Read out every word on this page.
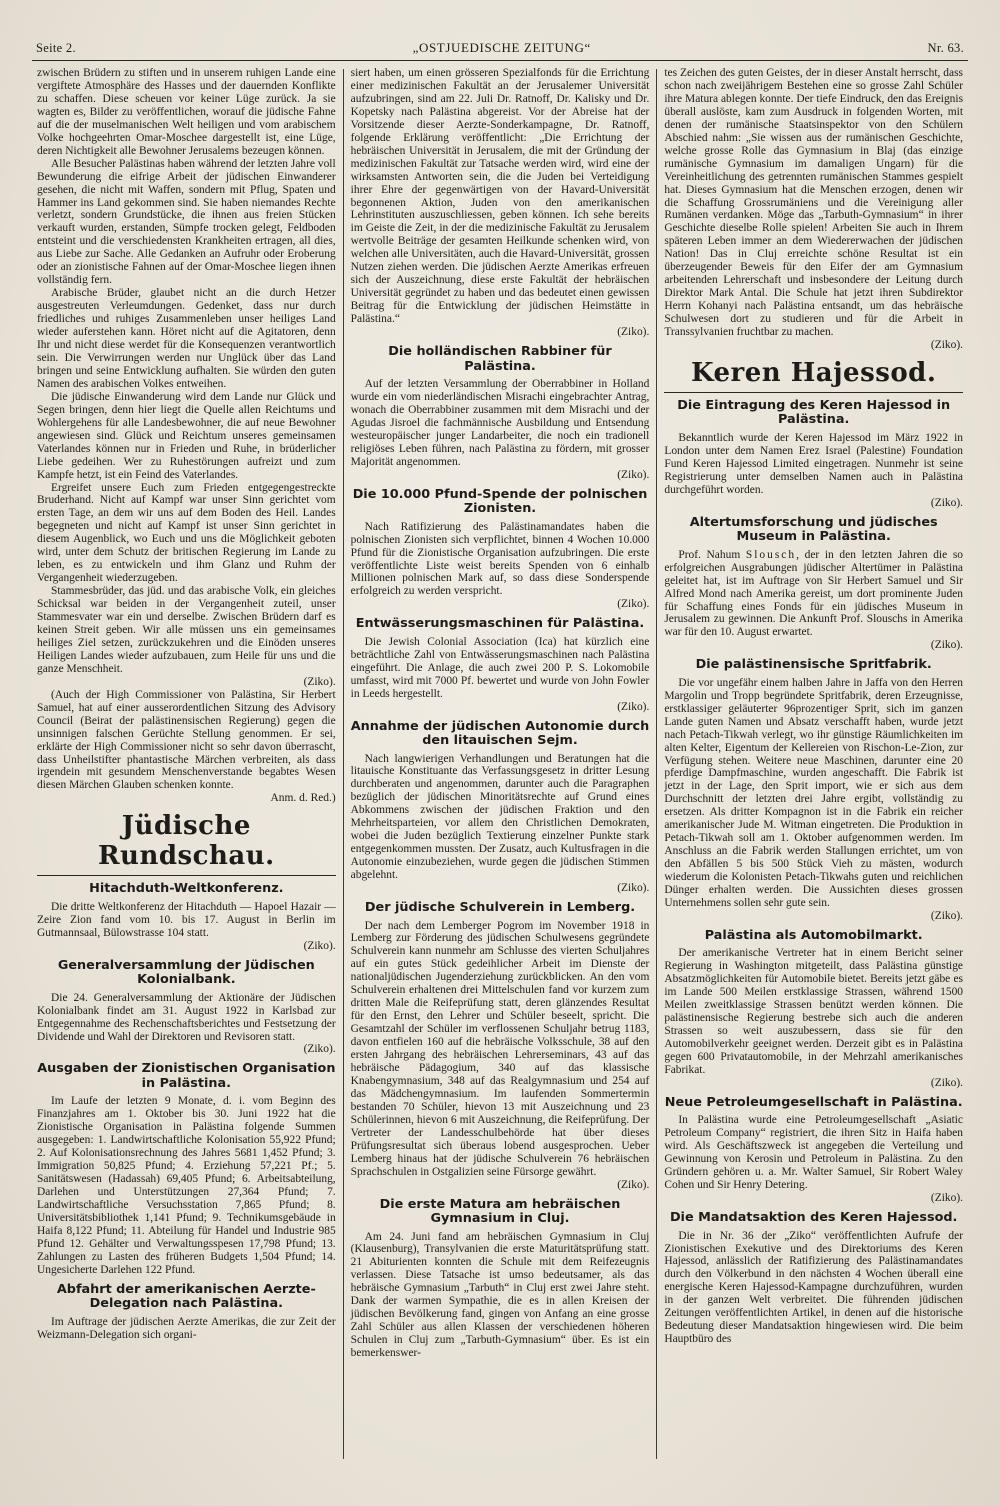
Seite 2.	„OSTJUEDISCHE ZEITUNG“	Nr. 63.

zwischen Brüdern zu stiften und in unserem ruhigen Lande eine vergiftete Atmosphäre des Hasses und der dauernden Konflikte zu schaffen. Diese scheuen vor keiner Lüge zurück. Ja sie wagten es, Bilder zu veröffentlichen, worauf die jüdische Fahne auf die der muselmanischen Welt heiligen und vom arabischem Volke hochgeehrten Omar-Moschee dargestellt ist, eine Lüge, deren Nichtigkeit alle Bewohner Jerusalems bezeugen können.

Alle Besucher Palästinas haben während der letzten Jahre voll Bewunderung die eifrige Arbeit der jüdischen Einwanderer gesehen, die nicht mit Waffen, sondern mit Pflug, Spaten und Hammer ins Land gekommen sind. Sie haben niemandes Rechte verletzt, sondern Grundstücke, die ihnen aus freien Stücken verkauft wurden, erstanden, Sümpfe trocken gelegt, Feldboden entsteint und die verschiedensten Krankheiten ertragen, all dies, aus Liebe zur Sache. Alle Gedanken an Aufruhr oder Eroberung oder an zionistische Fahnen auf der Omar-Moschee liegen ihnen vollständig fern.

Arabische Brüder, glaubet nicht an die durch Hetzer ausgestreuten Verleumdungen. Gedenket, dass nur durch friedliches und ruhiges Zusammenleben unser heiliges Land wieder auferstehen kann. Höret nicht auf die Agitatoren, denn Ihr und nicht diese werdet für die Konsequenzen verantwortlich sein. Die Verwirrungen werden nur Unglück über das Land bringen und seine Entwicklung aufhalten. Sie würden den guten Namen des arabischen Volkes entweihen.

Die jüdische Einwanderung wird dem Lande nur Glück und Segen bringen, denn hier liegt die Quelle allen Reichtums und Wohlergehens für alle Landesbewohner, die auf neue Bewohner angewiesen sind. Glück und Reichtum unseres gemeinsamen Vaterlandes können nur in Frieden und Ruhe, in brüderlicher Liebe gedeihen. Wer zu Ruhestörungen aufreizt und zum Kampfe hetzt, ist ein Feind des Vaterlandes.

Ergreifet unsere Euch zum Frieden entgegengestreckte Bruderhand. Nicht auf Kampf war unser Sinn gerichtet vom ersten Tage, an dem wir uns auf dem Boden des Heil. Landes begegneten und nicht auf Kampf ist unser Sinn gerichtet in diesem Augenblick, wo Euch und uns die Möglichkeit geboten wird, unter dem Schutz der britischen Regierung im Lande zu leben, es zu entwickeln und ihm Glanz und Ruhm der Vergangenheit wiederzugeben.

Stammesbrüder, das jüd. und das arabische Volk, ein gleiches Schicksal war beiden in der Vergangenheit zuteil, unser Stammesvater war ein und derselbe. Zwischen Brüdern darf es keinen Streit geben. Wir alle müssen uns ein gemeinsames heiliges Ziel setzen, zurückzukehren und die Einöden unseres Heiligen Landes wieder aufzubauen, zum Heile für uns und die ganze Menschheit.

(Ziko).

(Auch der High Commissioner von Palästina, Sir Herbert Samuel, hat auf einer ausserordentlichen Sitzung des Advisory Council (Beirat der palästinensischen Regierung) gegen die unsinnigen falschen Gerüchte Stellung genommen. Er sei, erklärte der High Commissioner nicht so sehr davon überrascht, dass Unheilstifter phantastische Märchen verbreiten, als dass irgendein mit gesundem Menschenverstande begabtes Wesen diesen Märchen Glauben schenken konnte.

Anm. d. Red.)
Jüdische Rundschau.
Hitachduth-Weltkonferenz.

Die dritte Weltkonferenz der Hitachduth — Hapoel Hazair — Zeire Zion fand vom 10. bis 17. August in Berlin im Gutmannsaal, Bülowstrasse 104 statt.

(Ziko).
Generalversammlung der Jüdischen Kolonialbank.

Die 24. Generalversammlung der Aktionäre der Jüdischen Kolonialbank findet am 31. August 1922 in Karlsbad zur Entgegennahme des Rechenschaftsberichtes und Festsetzung der Dividende und Wahl der Direktoren und Revisoren statt.

(Ziko).
Ausgaben der Zionistischen Organisation in Palästina.

Im Laufe der letzten 9 Monate, d. i. vom Beginn des Finanzjahres am 1. Oktober bis 30. Juni 1922 hat die Zionistische Organisation in Palästina folgende Summen ausgegeben: 1. Landwirtschaftliche Kolonisation 55,922 Pfund; 2. Auf Kolonisationsrechnung des Jahres 5681 1,452 Pfund; 3. Immigration 50,825 Pfund; 4. Erziehung 57,221 Pf.; 5. Sanitätswesen (Hadassah) 69,405 Pfund; 6. Arbeitsabteilung, Darlehen und Unterstützungen 27,364 Pfund; 7. Landwirtschaftliche Versuchsstation 7,865 Pfund; 8. Universitätsbibliothek 1,141 Pfund; 9. Technikumsgebäude in Haifa 8,122 Pfund; 11. Abteilung für Handel und Industrie 985 Pfund 12. Gehälter und Verwaltungsspesen 17,798 Pfund; 13. Zahlungen zu Lasten des früheren Budgets 1,504 Pfund; 14. Ungesicherte Darlehen 122 Pfund.

Abfahrt der amerikanischen Aerzte-Delegation nach Palästina.

Im Auftrage der jüdischen Aerzte Amerikas, die zur Zeit der Weizmann-Delegation sich organi-

siert haben, um einen grösseren Spezialfonds für die Errichtung einer medizinischen Fakultät an der Jerusalemer Universität aufzubringen, sind am 22. Juli Dr. Ratnoff, Dr. Kalisky und Dr. Kopetsky nach Palästina abgereist. Vor der Abreise hat der Vorsitzende dieser Aerzte-Sonderkampagne, Dr. Ratnoff, folgende Erklärung veröffentlicht: „Die Errichtung der hebräischen Universität in Jerusalem, die mit der Gründung der medizinischen Fakultät zur Tatsache werden wird, wird eine der wirksamsten Antworten sein, die die Juden bei Verteidigung ihrer Ehre der gegenwärtigen von der Havard-Universität begonnenen Aktion, Juden von den amerikanischen Lehrinstituten auszuschliessen, geben können. Ich sehe bereits im Geiste die Zeit, in der die medizinische Fakultät zu Jerusalem wertvolle Beiträge der gesamten Heilkunde schenken wird, von welchen alle Universitäten, auch die Havard-Universität, grossen Nutzen ziehen werden. Die jüdischen Aerzte Amerikas erfreuen sich der Auszeichnung, diese erste Fakultät der hebräischen Universität gegründet zu haben und das bedeutet einen gewissen Beitrag für die Entwicklung der jüdischen Heimstätte in Palästina.“

(Ziko).
Die holländischen Rabbiner für Palästina.

Auf der letzten Versammlung der Oberrabbiner in Holland wurde ein vom niederländischen Misrachi eingebrachter Antrag, wonach die Oberrabbiner zusammen mit dem Misrachi und der Agudas Jisroel die fachmännische Ausbildung und Entsendung westeuropäischer junger Landarbeiter, die noch ein tradionell religiöses Leben führen, nach Palästina zu fördern, mit grosser Majorität angenommen.

(Ziko).
Die 10.000 Pfund-Spende der polnischen Zionisten.

Nach Ratifizierung des Palästinamandates haben die polnischen Zionisten sich verpflichtet, binnen 4 Wochen 10.000 Pfund für die Zionistische Organisation aufzubringen. Die erste veröffentlichte Liste weist bereits Spenden von 6 einhalb Millionen polnischen Mark auf, so dass diese Sonderspende erfolgreich zu werden verspricht.

(Ziko).
Entwässerungsmaschinen für Palästina.

Die Jewish Colonial Association (Ica) hat kürzlich eine beträchtliche Zahl von Entwässerungsmaschinen nach Palästina eingeführt. Die Anlage, die auch zwei 200 P. S. Lokomobile umfasst, wird mit 7000 Pf. bewertet und wurde von John Fowler in Leeds hergestellt.

(Ziko).
Annahme der jüdischen Autonomie durch den litauischen Sejm.

Nach langwierigen Verhandlungen und Beratungen hat die litauische Konstituante das Verfassungsgesetz in dritter Lesung durchberaten und angenommen, darunter auch die Paragraphen bezüglich der jüdischen Minoritätsrechte auf Grund eines Abkommens zwischen der jüdischen Fraktion und den Mehrheitsparteien, vor allem den Christlichen Demokraten, wobei die Juden bezüglich Textierung einzelner Punkte stark entgegenkommen mussten. Der Zusatz, auch Kultusfragen in die Autonomie einzubeziehen, wurde gegen die jüdischen Stimmen abgelehnt.

(Ziko).
Der jüdische Schulverein in Lemberg.

Der nach dem Lemberger Pogrom im November 1918 in Lemberg zur Förderung des jüdischen Schulwesens gegründete Schulverein kann nunmehr am Schlusse des vierten Schuljahres auf ein gutes Stück gedeihlicher Arbeit im Dienste der nationaljüdischen Jugenderziehung zurückblicken. An den vom Schulverein erhaltenen drei Mittelschulen fand vor kurzem zum dritten Male die Reifeprüfung statt, deren glänzendes Resultat für den Ernst, den Lehrer und Schüler beseelt, spricht. Die Gesamtzahl der Schüler im verflossenen Schuljahr betrug 1183, davon entfielen 160 auf die hebräische Volksschule, 38 auf den ersten Jahrgang des hebräischen Lehrerseminars, 43 auf das hebräische Pädagogium, 340 auf das klassische Knabengymnasium, 348 auf das Realgymnasium und 254 auf das Mädchengymnasium. Im laufenden Sommertermin bestanden 70 Schüler, hievon 13 mit Auszeichnung und 23 Schülerinnen, hievon 6 mit Auszeichnung, die Reifeprüfung. Der Vertreter der Landesschulbehörde hat über dieses Prüfungsresultat sich überaus lobend ausgesprochen. Ueber Lemberg hinaus hat der jüdische Schulverein 76 hebräischen Sprachschulen in Ostgalizien seine Fürsorge gewährt.

(Ziko).
Die erste Matura am hebräischen Gymnasium in Cluj.

Am 24. Juni fand am hebräischen Gymnasium in Cluj (Klausenburg), Transylvanien die erste Maturitätsprüfung statt. 21 Abiturienten konnten die Schule mit dem Reifezeugnis verlassen. Diese Tatsache ist umso bedeutsamer, als das hebräische Gymnasium „Tarbuth“ in Cluj erst zwei Jahre steht. Dank der warmen Sympathie, die es in allen Kreisen der jüdischen Bevölkerung fand, gingen von Anfang an eine grosse Zahl Schüler aus allen Klassen der verschiedenen höheren Schulen in Cluj zum „Tarbuth-Gymnasium“ über. Es ist ein bemerkenswer-

tes Zeichen des guten Geistes, der in dieser Anstalt herrscht, dass schon nach zweijährigem Bestehen eine so grosse Zahl Schüler ihre Matura ablegen konnte. Der tiefe Eindruck, den das Ereignis überall auslöste, kam zum Ausdruck in folgenden Worten, mit denen der rumänische Staatsinspektor von den Schülern Abschied nahm: „Sie wissen aus der rumänischen Geschichte, welche grosse Rolle das Gymnasium in Blaj (das einzige rumänische Gymnasium im damaligen Ungarn) für die Vereinheitlichung des getrennten rumänischen Stammes gespielt hat. Dieses Gymnasium hat die Menschen erzogen, denen wir die Schaffung Grossrumäniens und die Vereinigung aller Rumänen verdanken. Möge das „Tarbuth-Gymnasium“ in ihrer Geschichte dieselbe Rolle spielen! Arbeiten Sie auch in Ihrem späteren Leben immer an dem Wiedererwachen der jüdischen Nation! Das in Cluj erreichte schöne Resultat ist ein überzeugender Beweis für den Eifer der am Gymnasium arbeitenden Lehrerschaft und insbesondere der Leitung durch Direktor Mark Antal. Die Schule hat jetzt ihren Subdirektor Herrn Kohanyi nach Palästina entsandt, um das hebräische Schulwesen dort zu studieren und für die Arbeit in Transsylvanien fruchtbar zu machen.

(Ziko).
Keren Hajessod.
Die Eintragung des Keren Hajessod in Palästina.

Bekanntlich wurde der Keren Hajessod im März 1922 in London unter dem Namen Erez Israel (Palestine) Foundation Fund Keren Hajessod Limited eingetragen. Nunmehr ist seine Registrierung unter demselben Namen auch in Palästina durchgeführt worden.

(Ziko).
Altertumsforschung und jüdisches Museum in Palästina.

Prof. Nahum Slousch, der in den letzten Jahren die so erfolgreichen Ausgrabungen jüdischer Altertümer in Palästina geleitet hat, ist im Auftrage von Sir Herbert Samuel und Sir Alfred Mond nach Amerika gereist, um dort prominente Juden für Schaffung eines Fonds für ein jüdisches Museum in Jerusalem zu gewinnen. Die Ankunft Prof. Slouschs in Amerika war für den 10. August erwartet.

(Ziko).
Die palästinensische Spritfabrik.

Die vor ungefähr einem halben Jahre in Jaffa von den Herren Margolin und Tropp begründete Spritfabrik, deren Erzeugnisse, erstklassiger geläuterter 96prozentiger Sprit, sich im ganzen Lande guten Namen und Absatz verschafft haben, wurde jetzt nach Petach-Tikwah verlegt, wo ihr günstige Räumlichkeiten im alten Kelter, Eigentum der Kellereien von Rischon-Le-Zion, zur Verfügung stehen. Weitere neue Maschinen, darunter eine 20 pferdige Dampfmaschine, wurden angeschafft. Die Fabrik ist jetzt in der Lage, den Sprit import, wie er sich aus dem Durchschnitt der letzten drei Jahre ergibt, vollständig zu ersetzen. Als dritter Kompagnon ist in die Fabrik ein reicher amerikanischer Jude M. Witman eingetreten. Die Produktion in Petach-Tikwah soll am 1. Oktober aufgenommen werden. Im Anschluss an die Fabrik werden Stallungen errichtet, um von den Abfällen 5 bis 500 Stück Vieh zu mästen, wodurch wiederum die Kolonisten Petach-Tikwahs guten und reichlichen Dünger erhalten werden. Die Aussichten dieses grossen Unternehmens sollen sehr gute sein.

(Ziko).
Palästina als Automobilmarkt.

Der amerikanische Vertreter hat in einem Bericht seiner Regierung in Washington mitgeteilt, dass Palästina günstige Absatzmöglichkeiten für Automobile bietet. Bereits jetzt gäbe es im Lande 500 Meilen erstklassige Strassen, während 1500 Meilen zweitklassige Strassen benützt werden können. Die palästinensische Regierung bestrebe sich auch die anderen Strassen so weit auszubessern, dass sie für den Automobilverkehr geeignet werden. Derzeit gibt es in Palästina gegen 600 Privatautomobile, in der Mehrzahl amerikanisches Fabrikat.

(Ziko).
Neue Petroleumgesellschaft in Palästina.

In Palästina wurde eine Petroleumgesellschaft „Asiatic Petroleum Company“ registriert, die ihren Sitz in Haifa haben wird. Als Geschäftszweck ist angegeben die Verteilung und Gewinnung von Kerosin und Petroleum in Palästina. Zu den Gründern gehören u. a. Mr. Walter Samuel, Sir Robert Waley Cohen und Sir Henry Detering.

(Ziko).
Die Mandatsaktion des Keren Hajessod.

Die in Nr. 36 der „Ziko“ veröffentlichten Aufrufe der Zionistischen Exekutive und des Direktoriums des Keren Hajessod, anlässlich der Ratifizierung des Palästinamandates durch den Völkerbund in den nächsten 4 Wochen überall eine energische Keren Hajessod-Kampagne durchzuführen, wurden in der ganzen Welt verbreitet. Die führenden jüdischen Zeitungen veröffentlichten Artikel, in denen auf die historische Bedeutung dieser Mandatsaktion hingewiesen wird. Die beim Hauptbüro des
